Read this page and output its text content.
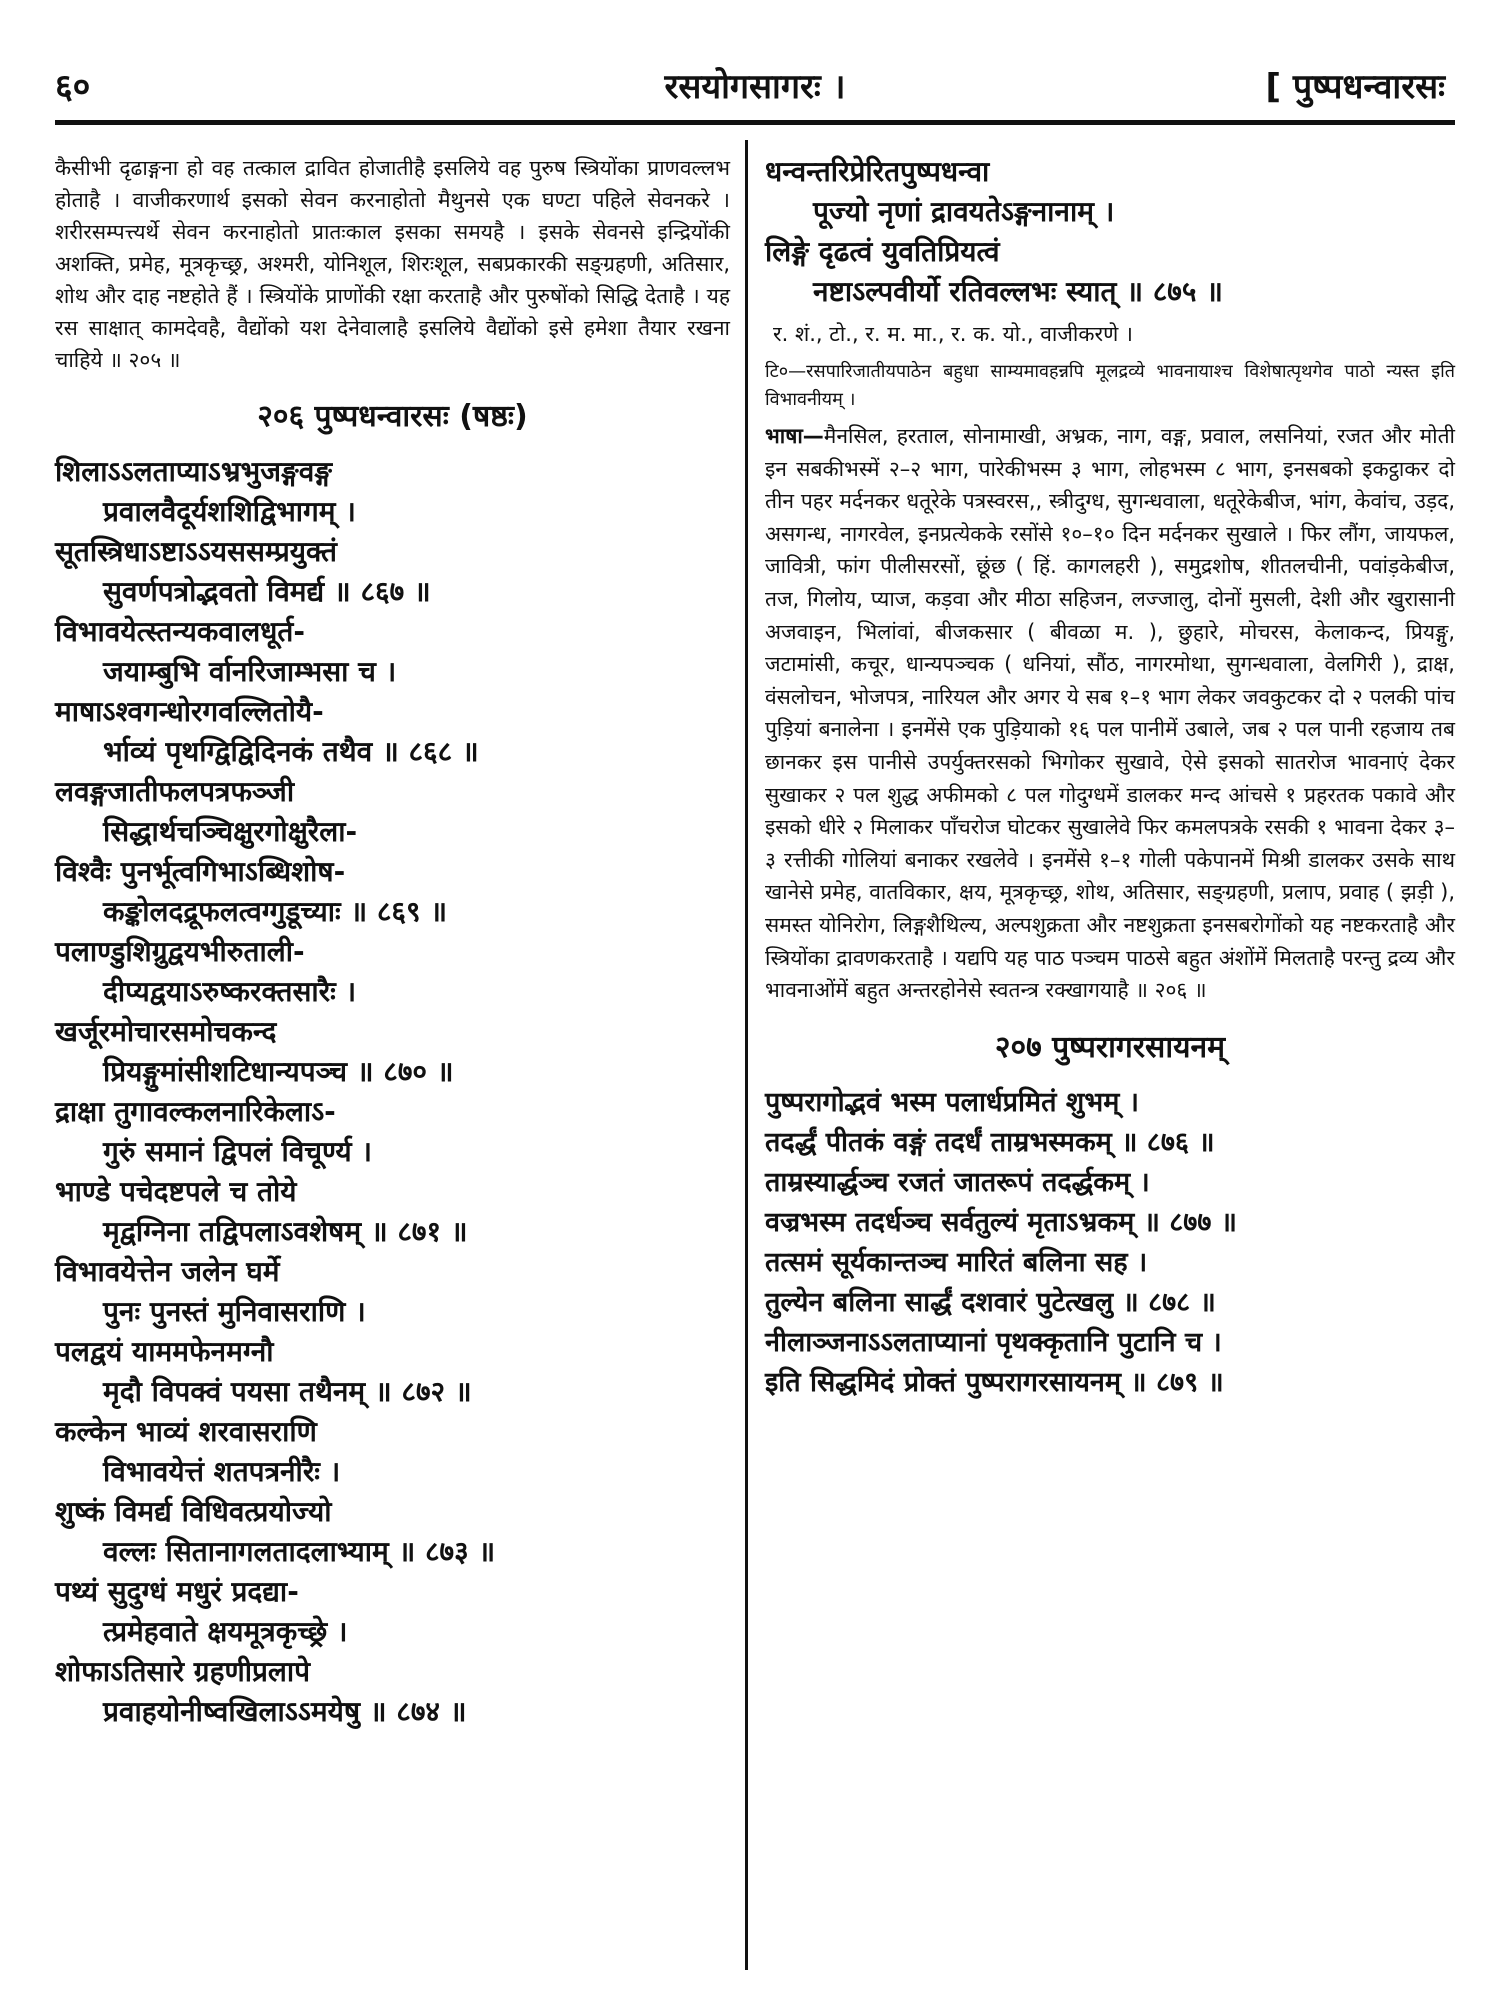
६०	रसयोगसागरः ।	[ पुष्पधन्वारसः

कैसीभी दृढाङ्गना हो वह तत्काल द्रावित होजातीहै इसलिये वह पुरुष स्त्रियोंका प्राणवल्लभ होताहै । वाजीकरणार्थ इसको सेवन करनाहोतो मैथुनसे एक घण्टा पहिले सेवनकरे । शरीरसम्पत्त्यर्थे सेवन करनाहोतो प्रातःकाल इसका समयहै । इसके सेवनसे इन्द्रियोंकी अशक्ति, प्रमेह, मूत्रकृच्छ्र, अश्मरी, योनिशूल, शिरःशूल, सबप्रकारकी सङ्ग्रहणी, अतिसार, शोथ और दाह नष्टहोते हैं । स्त्रियोंके प्राणोंकी रक्षा करताहै और पुरुषोंको सिद्धि देताहै । यह रस साक्षात् कामदेवहै, वैद्योंको यश देनेवालाहै इसलिये वैद्योंको इसे हमेशा तैयार रखना चाहिये ॥ २०५ ॥

२०६ पुष्पधन्वारसः (षष्ठः)
शिलाऽऽलताप्याऽभ्रभुजङ्गवङ्ग
प्रवालवैदूर्यशशिद्विभागम् ।
सूतस्त्रिधाऽष्टाऽऽयससम्प्रयुक्तं
सुवर्णपत्रोद्भवतो विमर्द्य ॥ ८६७ ॥
विभावयेत्स्तन्यकवालधूर्त-
जयाम्बुभि र्वानरिजाम्भसा च ।
माषाऽश्वगन्धोरगवल्लितोयै-
र्भाव्यं पृथग्द्विद्विदिनकं तथैव ॥ ८६८ ॥
लवङ्गजातीफलपत्रफञ्जी
सिद्धार्थचञ्चिक्षुरगोक्षुरैला-
विश्वैः पुनर्भूत्वगिभाऽब्धिशोष-
कङ्कोलदद्रूफलत्वग्गुडूच्याः ॥ ८६९ ॥
पलाण्डुशिग्रुद्वयभीरुताली-
दीप्यद्वयाऽरुष्करक्तसारैः ।
खर्जूरमोचारसमोचकन्द
प्रियङ्गुमांसीशटिधान्यपञ्च ॥ ८७० ॥
द्राक्षा तुगावल्कलनारिकेलाऽ-
गुरुं समानं द्विपलं विचूर्ण्य ।
भाण्डे पचेदष्टपले च तोये
मृद्वग्निना तद्विपलाऽवशेषम् ॥ ८७१ ॥
विभावयेत्तेन जलेन घर्मे
पुनः पुनस्तं मुनिवासराणि ।
पलद्वयं याममफेनमग्नौ
मृदौ विपक्वं पयसा तथैनम् ॥ ८७२ ॥
कल्केन भाव्यं शरवासराणि
विभावयेत्तं शतपत्रनीरैः ।
शुष्कं विमर्द्य विधिवत्प्रयोज्यो
वल्लः सितानागलतादलाभ्याम् ॥ ८७३ ॥
पथ्यं सुदुग्धं मधुरं प्रदद्या-
त्प्रमेहवाते क्षयमूत्रकृच्छ्रे ।
शोफाऽतिसारे ग्रहणीप्रलापे
प्रवाहयोनीष्वखिलाऽऽमयेषु ॥ ८७४ ॥
धन्वन्तरिप्रेरितपुष्पधन्वा
पूज्यो नृणां द्रावयतेऽङ्गनानाम् ।
लिङ्गे दृढत्वं युवतिप्रियत्वं
नष्टाऽल्पवीर्यो रतिवल्लभः स्यात् ॥ ८७५ ॥
र. शं., टो., र. म. मा., र. क. यो., वाजीकरणे ।

टि०—रसपारिजातीयपाठेन बहुधा साम्यमावहन्नपि मूलद्रव्ये भावनायाश्च विशेषात्पृथगेव पाठो न्यस्त इति विभावनीयम् ।

भाषा—मैनसिल, हरताल, सोनामाखी, अभ्रक, नाग, वङ्ग, प्रवाल, लसनियां, रजत और मोती इन सबकीभस्में २–२ भाग, पारेकीभस्म ३ भाग, लोहभस्म ८ भाग, इनसबको इकट्ठाकर दो तीन पहर मर्दनकर धतूरेके पत्रस्वरस,, स्त्रीदुग्ध, सुगन्धवाला, धतूरेकेबीज, भांग, केवांच, उड़द, असगन्ध, नागरवेल, इनप्रत्येकके रसोंसे १०–१० दिन मर्दनकर सुखाले । फिर लौंग, जायफल, जावित्री, फांग पीलीसरसों, छूंछ ( हिं. कागलहरी ), समुद्रशोष, शीतलचीनी, पवांड़केबीज, तज, गिलोय, प्याज, कड़वा और मीठा सहिजन, लज्जालु, दोनों मुसली, देशी और खुरासानी अजवाइन, भिलांवां, बीजकसार ( बीवळा म. ), छुहारे, मोचरस, केलाकन्द, प्रियङ्गु, जटामांसी, कचूर, धान्यपञ्चक ( धनियां, सौंठ, नागरमोथा, सुगन्धवाला, वेलगिरी ), द्राक्ष, वंसलोचन, भोजपत्र, नारियल और अगर ये सब १–१ भाग लेकर जवकुटकर दो २ पलकी पांच पुड़ियां बनालेना । इनमेंसे एक पुड़ियाको १६ पल पानीमें उबाले, जब २ पल पानी रहजाय तब छानकर इस पानीसे उपर्युक्तरसको भिगोकर सुखावे, ऐसे इसको सातरोज भावनाएं देकर सुखाकर २ पल शुद्ध अफीमको ८ पल गोदुग्धमें डालकर मन्द आंचसे १ प्रहरतक पकावे और इसको धीरे २ मिलाकर पाँचरोज घोटकर सुखालेवे फिर कमलपत्रके रसकी १ भावना देकर ३–३ रत्तीकी गोलियां बनाकर रखलेवे । इनमेंसे १–१ गोली पकेपानमें मिश्री डालकर उसके साथ खानेसे प्रमेह, वातविकार, क्षय, मूत्रकृच्छ्र, शोथ, अतिसार, सङ्ग्रहणी, प्रलाप, प्रवाह ( झड़ी ), समस्त योनिरोग, लिङ्गशैथिल्य, अल्पशुक्रता और नष्टशुक्रता इनसबरोगोंको यह नष्टकरताहै और स्त्रियोंका द्रावणकरताहै । यद्यपि यह पाठ पञ्चम पाठसे बहुत अंशोंमें मिलताहै परन्तु द्रव्य और भावनाओंमें बहुत अन्तरहोनेसे स्वतन्त्र रक्खागयाहै ॥ २०६ ॥

२०७ पुष्परागरसायनम्
पुष्परागोद्भवं भस्म पलार्धप्रमितं शुभम् ।
तदर्द्धं पीतकं वङ्गं तदर्धं ताम्रभस्मकम् ॥ ८७६ ॥
ताम्रस्यार्द्धञ्च रजतं जातरूपं तदर्द्धकम् ।
वज्रभस्म तदर्धञ्च सर्वतुल्यं मृताऽभ्रकम् ॥ ८७७ ॥
तत्समं सूर्यकान्तञ्च मारितं बलिना सह ।
तुल्येन बलिना सार्द्धं दशवारं पुटेत्खलु ॥ ८७८ ॥
नीलाञ्जनाऽऽलताप्यानां पृथक्कृतानि पुटानि च ।
इति सिद्धमिदं प्रोक्तं पुष्परागरसायनम् ॥ ८७९ ॥
